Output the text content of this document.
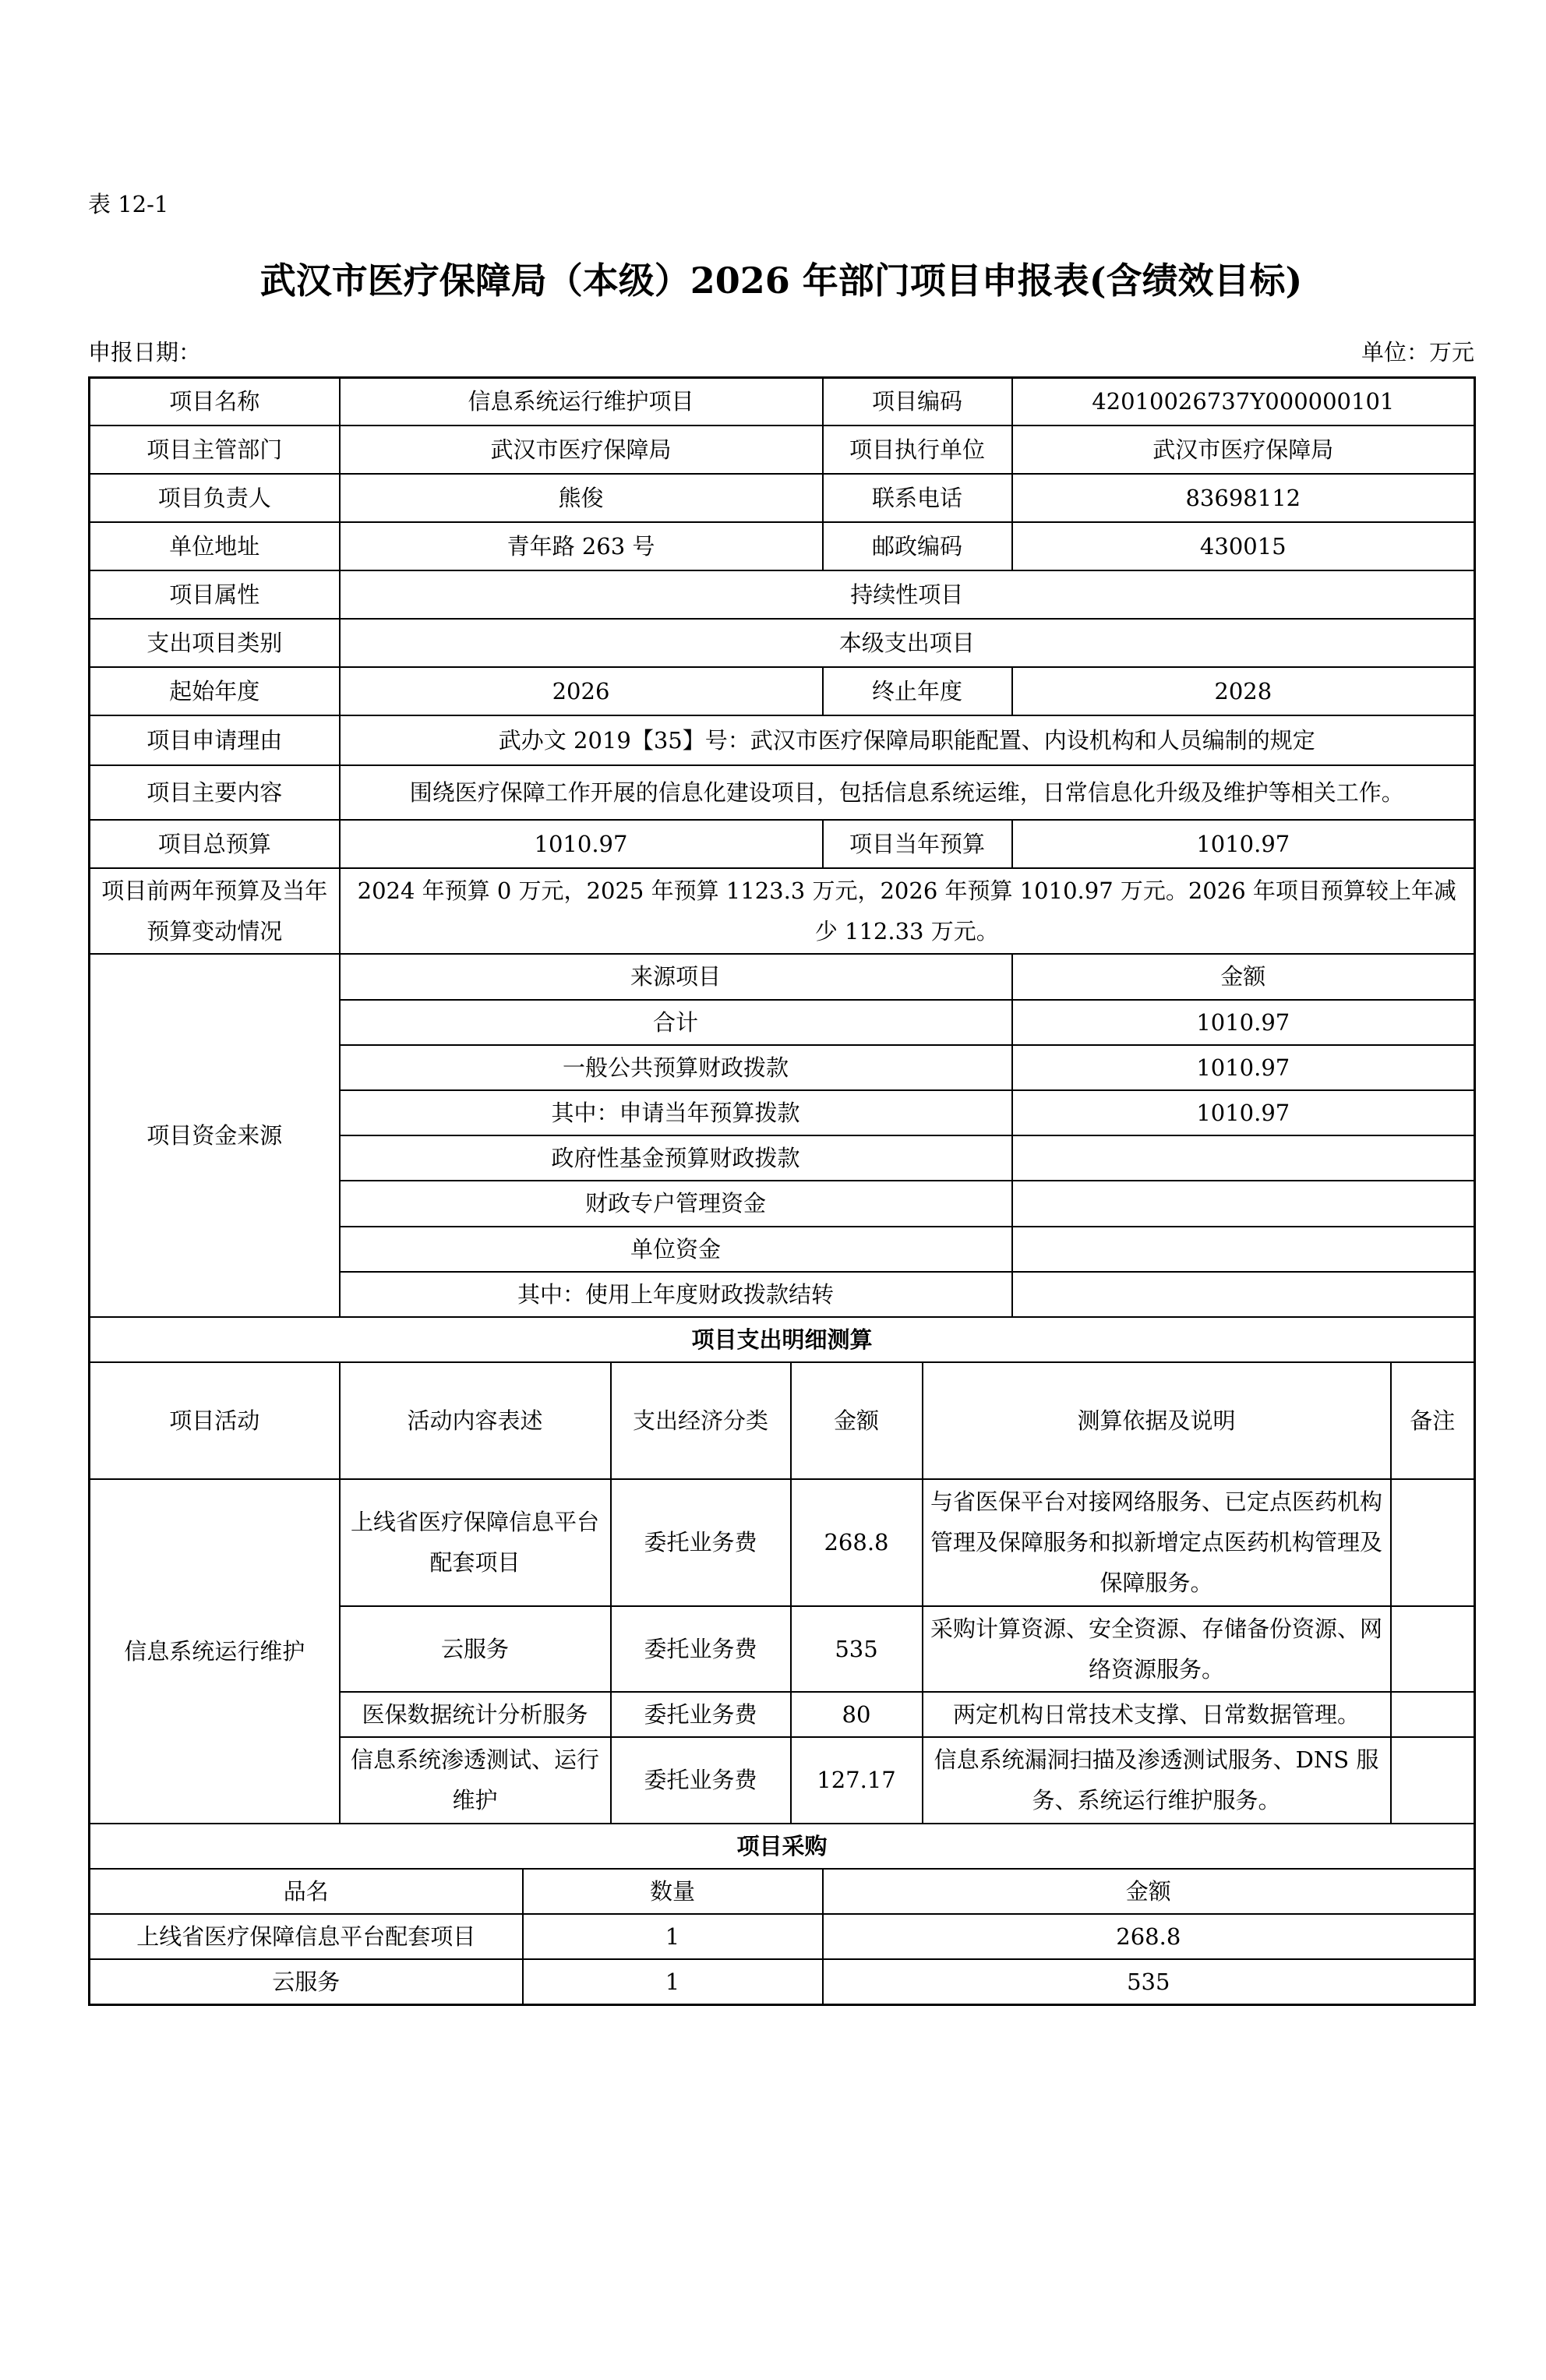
表 12-1
武汉市医疗保障局（本级）2026 年部门项目申报表(含绩效目标)
申报日期：	单位：万元
项目名称	信息系统运行维护项目				项目编码		42010026737Y000000101	
项目主管部门	武汉市医疗保障局				项目执行单位		武汉市医疗保障局	
项目负责人	熊俊				联系电话		83698112	
单位地址	青年路 263 号				邮政编码		430015	
项目属性	持续性项目							
支出项目类别	本级支出项目							
起始年度	2026				终止年度		2028	
项目申请理由	武办文 2019【35】号：武汉市医疗保障局职能配置、内设机构和人员编制的规定							
项目主要内容	围绕医疗保障工作开展的信息化建设项目，包括信息系统运维，日常信息化升级及维护等相关工作。							
项目总预算	1010.97				项目当年预算		1010.97	
项目前两年预算及当年预算变动情况	2024 年预算 0 万元，2025 年预算 1123.3 万元，2026 年预算 1010.97 万元。2026 年项目预算较上年减少 112.33 万元。							
项目资金来源	来源项目						金额	
	合计						1010.97	
	一般公共预算财政拨款						1010.97	
	其中：申请当年预算拨款						1010.97	
	政府性基金预算财政拨款							
	财政专户管理资金							
	单位资金							
	其中：使用上年度财政拨款结转							
项目支出明细测算								
项目活动	活动内容表述		支出经济分类	金额		测算依据及说明		备注
信息系统运行维护	上线省医疗保障信息平台配套项目		委托业务费	268.8		与省医保平台对接网络服务、已定点医药机构管理及保障服务和拟新增定点医药机构管理及保障服务。		
	云服务		委托业务费	535		采购计算资源、安全资源、存储备份资源、网络资源服务。		
	医保数据统计分析服务		委托业务费	80		两定机构日常技术支撑、日常数据管理。		
	信息系统渗透测试、运行维护		委托业务费	127.17		信息系统漏洞扫描及渗透测试服务、DNS 服务、系统运行维护服务。		
项目采购								
品名		数量			金额			
上线省医疗保障信息平台配套项目		1			268.8			
云服务		1			535			
